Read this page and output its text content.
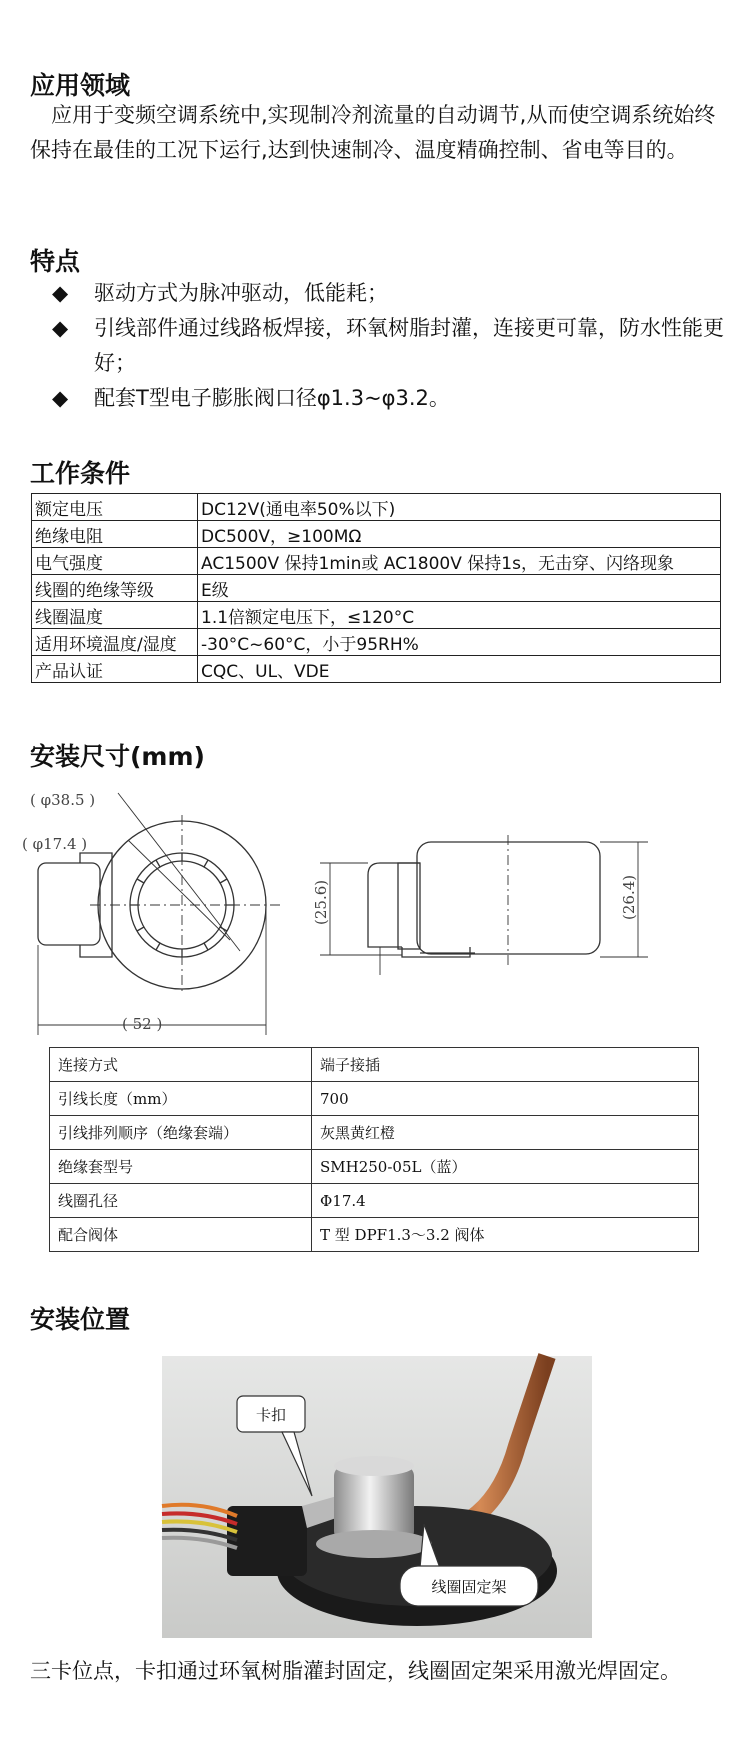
应用领域

　应用于变频空调系统中,实现制冷剂流量的自动调节,从而使空调系统始终保持在最佳的工况下运行,达到快速制冷、温度精确控制、省电等目的。

特点
◆ 驱动方式为脉冲驱动，低能耗；
◆ 引线部件通过线路板焊接，环氧树脂封灌，连接更可靠，防水性能更好；
◆ 配套T型电子膨胀阀口径φ1.3~φ3.2。
工作条件
额定电压	DC12V(通电率50%以下)
绝缘电阻	DC500V，≥100MΩ
电气强度	AC1500V 保持1min或 AC1800V 保持1s，无击穿、闪络现象
线圈的绝缘等级	E级
线圈温度	1.1倍额定电压下，≤120°C
适用环境温度/湿度	-30°C~60°C，小于95RH%
产品认证	CQC、UL、VDE
安装尺寸(mm)
( φ38.5 )
( φ17.4 )
( 52 )
(25.6)	(26.4)
连接方式	端子接插
引线长度（mm）	700
引线排列顺序（绝缘套端）	灰黑黄红橙
绝缘套型号	SMH250-05L（蓝）
线圈孔径	Φ17.4
配合阀体	T 型 DPF1.3～3.2 阀体
安装位置
卡扣
线圈固定架

三卡位点，卡扣通过环氧树脂灌封固定，线圈固定架采用激光焊固定。
